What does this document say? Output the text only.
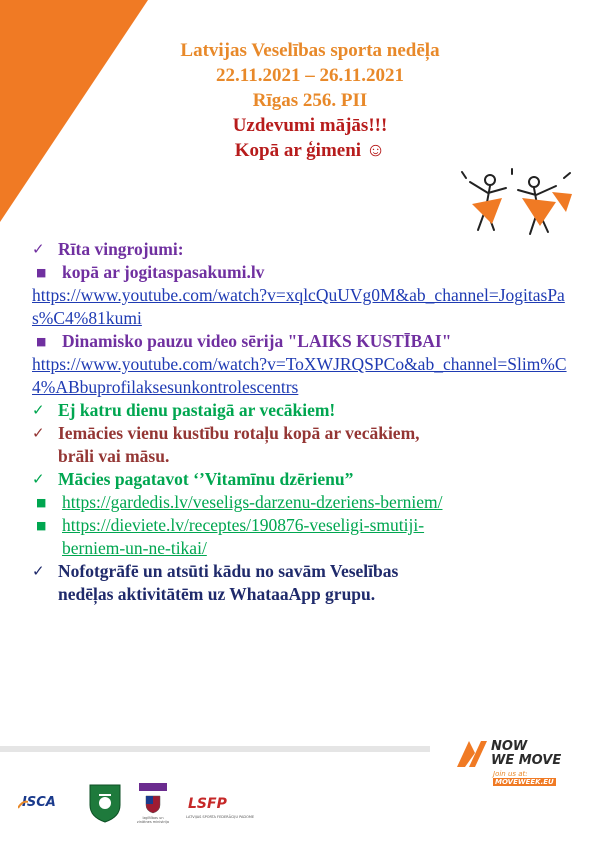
Latvijas Veselības sporta nedēļa
22.11.2021 – 26.11.2021
Rīgas 256. PII
Uzdevumi mājās!!!
Kopā ar ģimeni ☺
✓ Rīta vingrojumi:
■ kopā ar jogitaspasakumi.lv
https://www.youtube.com/watch?v=xqlcQuUVg0M&ab_channel=JogitasPas%C4%81kumi
■ Dinamisko pauzu video sērija "LAIKS KUSTĪBAI"
https://www.youtube.com/watch?v=ToXWJRQSPCo&ab_channel=Slim%C4%ABbuprofilaksesunkontrolescentrs
✓ Ej katru dienu pastaigā ar vecākiem!
✓ Iemācies vienu kustību rotaļu kopā ar vecākiem,
brāli vai māsu.
✓ Mācies pagatavot ‘’Vitamīnu dzērienu”
■ https://gardedis.lv/veseligs-darzenu-dzeriens-berniem/
■ https://dieviete.lv/receptes/190876-veseligi-smutiji-
berniem-un-ne-tikai/
✓ Nofotgrāfē un atsūti kādu no savām Veselības
nedēļas aktivitātēm uz WhataaApp grupu.
NOW
WE MOVE
Join us at:
MOVEWEEK.EU
ISCA
Izglītības un zinātnes ministrija
LSFP
LATVIJAS SPORTA FEDERĀCIJU PADOME
